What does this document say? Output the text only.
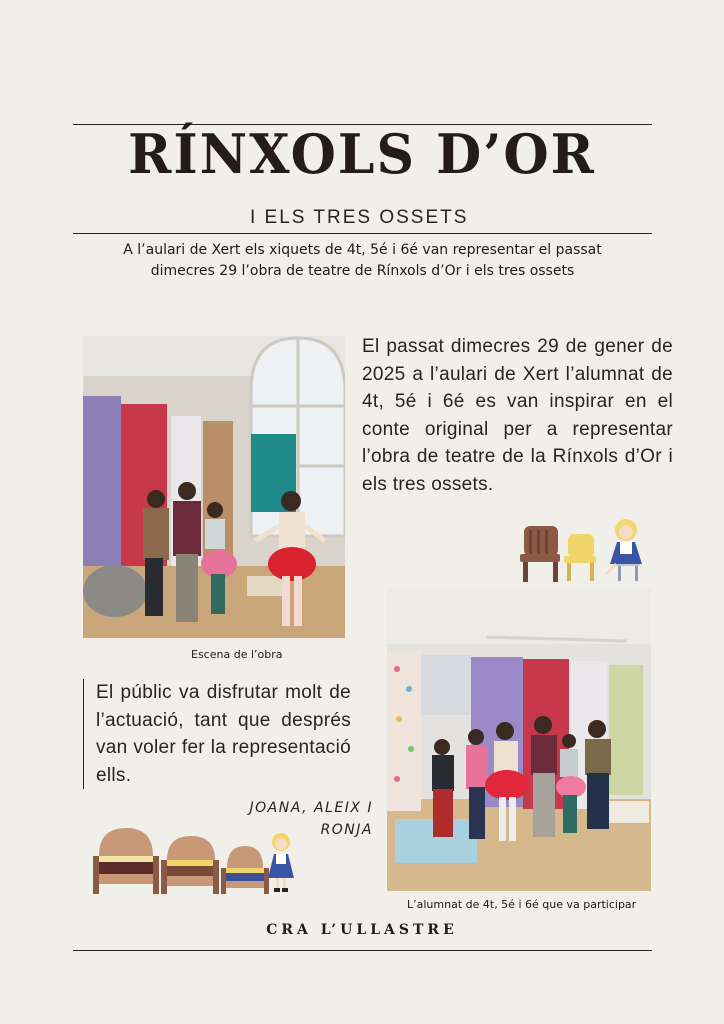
RÍNXOLS D’OR
I ELS TRES OSSETS
A l’aulari de Xert els xiquets de 4t, 5é i 6é van representar el passat
dimecres 29 l’obra de teatre de Rínxols d’Or i els tres ossets
Escena de l’obra
El passat dimecres 29 de gener de 2025 a l’aulari de Xert l’alumnat de 4t, 5é i 6é es van inspirar en el conte original per a representar l’obra de teatre de la Rínxols d’Or i els tres ossets.
El públic va disfrutar molt de l’actuació, tant que després van voler fer la representació ells.
JOANA, ALEIX I
RONJA
L’alumnat de 4t, 5é i 6é que va participar
CRA L’ULLASTRE
